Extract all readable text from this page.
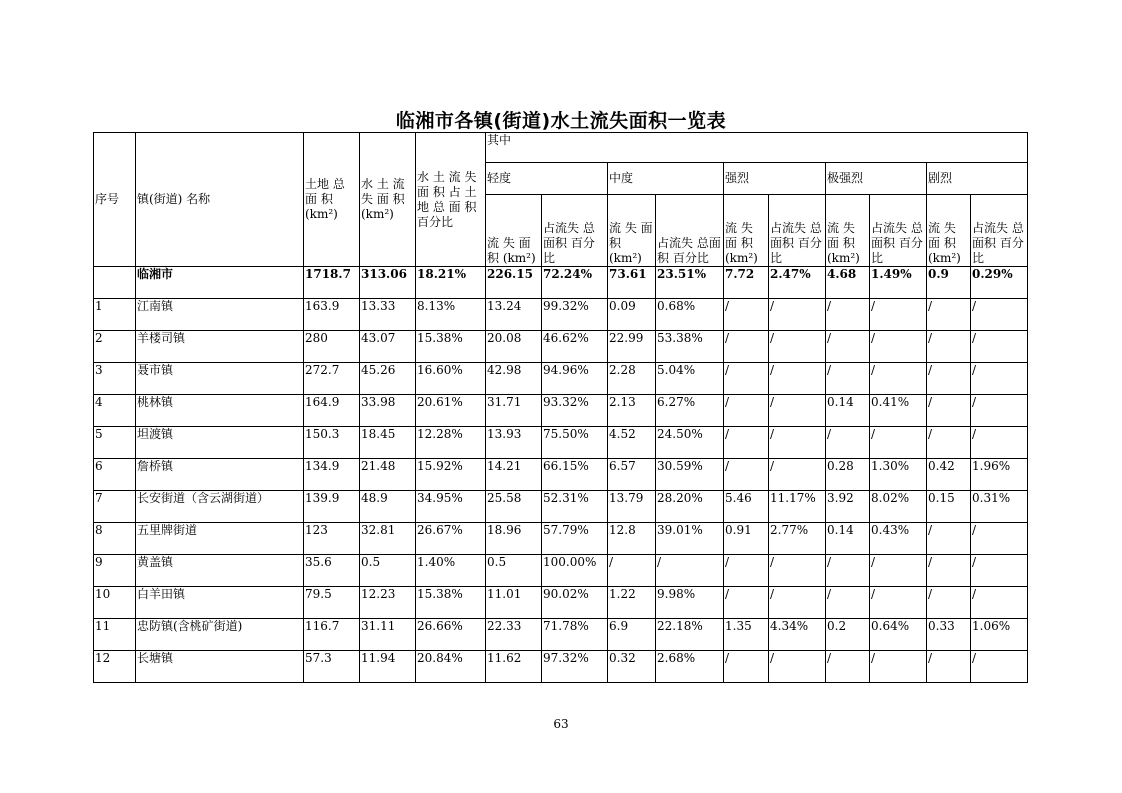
临湘市各镇(街道)水土流失面积一览表
序号	镇(街道) 名称	土地 总 面 积(km²)	水 土 流 失 面 积 (km²)	水 土 流 失 面 积 占 土 地 总 面 积 百分比	其中									
					轻度		中度		强烈		极强烈		剧烈	
					流 失 面 积 (km²)	占流失 总面积 百分比	流 失 面 积 (km²)	占流失 总面积 百分比	流 失 面 积 (km²)	占流失 总面积 百分比	流 失 面 积 (km²)	占流失 总面积 百分比	流 失 面 积 (km²)	占流失 总面积 百分比
	临湘市	1718.7	313.06	18.21%	226.15	72.24%	73.61	23.51%	7.72	2.47%	4.68	1.49%	0.9	0.29%
1	江南镇	163.9	13.33	8.13%	13.24	99.32%	0.09	0.68%	/	/	/	/	/	/
2	羊楼司镇	280	43.07	15.38%	20.08	46.62%	22.99	53.38%	/	/	/	/	/	/
3	聂市镇	272.7	45.26	16.60%	42.98	94.96%	2.28	5.04%	/	/	/	/	/	/
4	桃林镇	164.9	33.98	20.61%	31.71	93.32%	2.13	6.27%	/	/	0.14	0.41%	/	/
5	坦渡镇	150.3	18.45	12.28%	13.93	75.50%	4.52	24.50%	/	/	/	/	/	/
6	詹桥镇	134.9	21.48	15.92%	14.21	66.15%	6.57	30.59%	/	/	0.28	1.30%	0.42	1.96%
7	长安街道（含云湖街道）	139.9	48.9	34.95%	25.58	52.31%	13.79	28.20%	5.46	11.17%	3.92	8.02%	0.15	0.31%
8	五里牌街道	123	32.81	26.67%	18.96	57.79%	12.8	39.01%	0.91	2.77%	0.14	0.43%	/	/
9	黄盖镇	35.6	0.5	1.40%	0.5	100.00%	/	/	/	/	/	/	/	/
10	白羊田镇	79.5	12.23	15.38%	11.01	90.02%	1.22	9.98%	/	/	/	/	/	/
11	忠防镇(含桃矿街道)	116.7	31.11	26.66%	22.33	71.78%	6.9	22.18%	1.35	4.34%	0.2	0.64%	0.33	1.06%
12	长塘镇	57.3	11.94	20.84%	11.62	97.32%	0.32	2.68%	/	/	/	/	/	/
63
